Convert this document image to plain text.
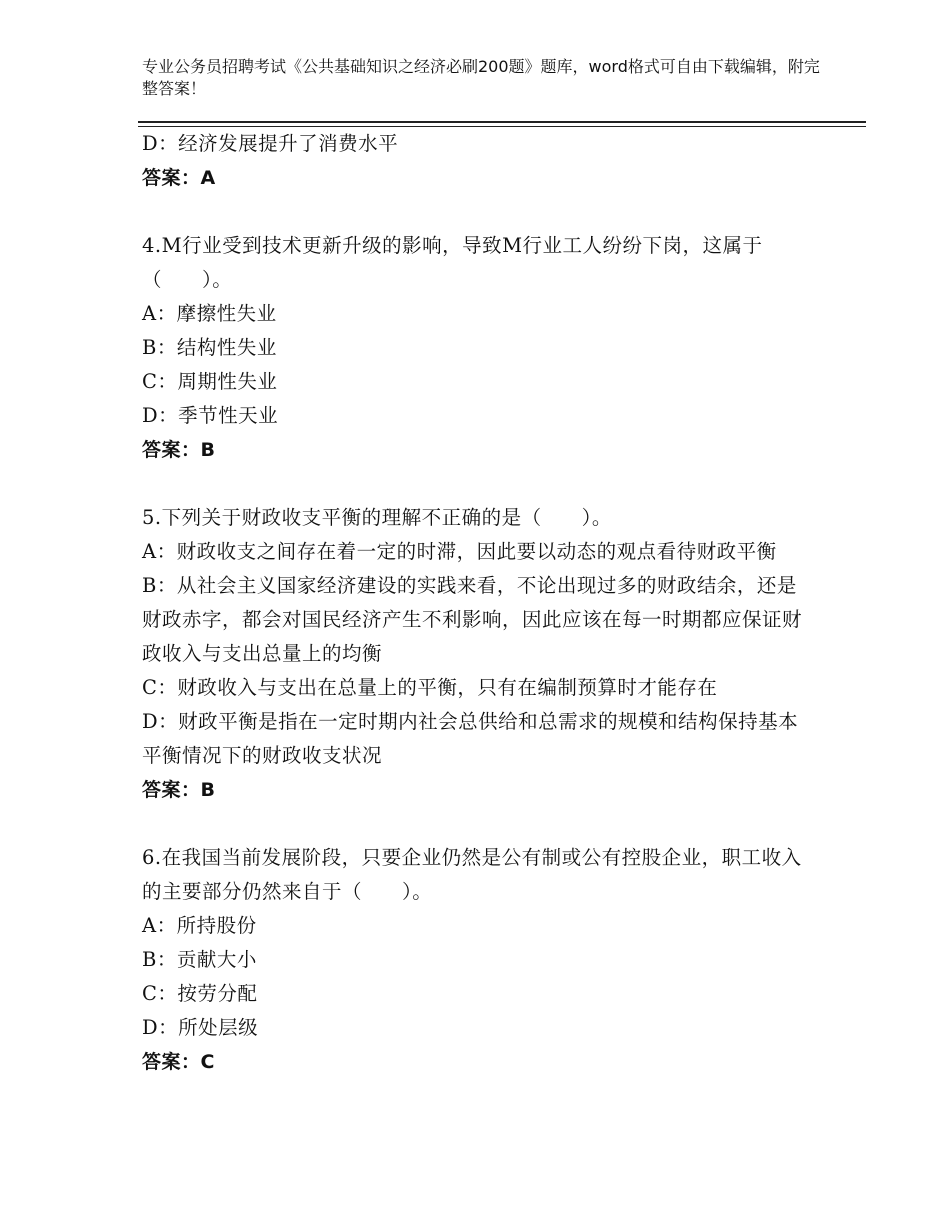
专业公务员招聘考试《公共基础知识之经济必刷200题》题库，word格式可自由下载编辑，附完整答案！

D：经济发展提升了消费水平

答案：A

4.M行业受到技术更新升级的影响，导致M行业工人纷纷下岗，这属于（　　）。

A：摩擦性失业

B：结构性失业

C：周期性失业

D：季节性天业

答案：B

5.下列关于财政收支平衡的理解不正确的是（　　）。

A：财政收支之间存在着一定的时滞，因此要以动态的观点看待财政平衡

B：从社会主义国家经济建设的实践来看，不论出现过多的财政结余，还是财政赤字，都会对国民经济产生不利影响，因此应该在每一时期都应保证财政收入与支出总量上的均衡

C：财政收入与支出在总量上的平衡，只有在编制预算时才能存在

D：财政平衡是指在一定时期内社会总供给和总需求的规模和结构保持基本平衡情况下的财政收支状况

答案：B

6.在我国当前发展阶段，只要企业仍然是公有制或公有控股企业，职工收入的主要部分仍然来自于（　　）。

A：所持股份

B：贡献大小

C：按劳分配

D：所处层级

答案：C
